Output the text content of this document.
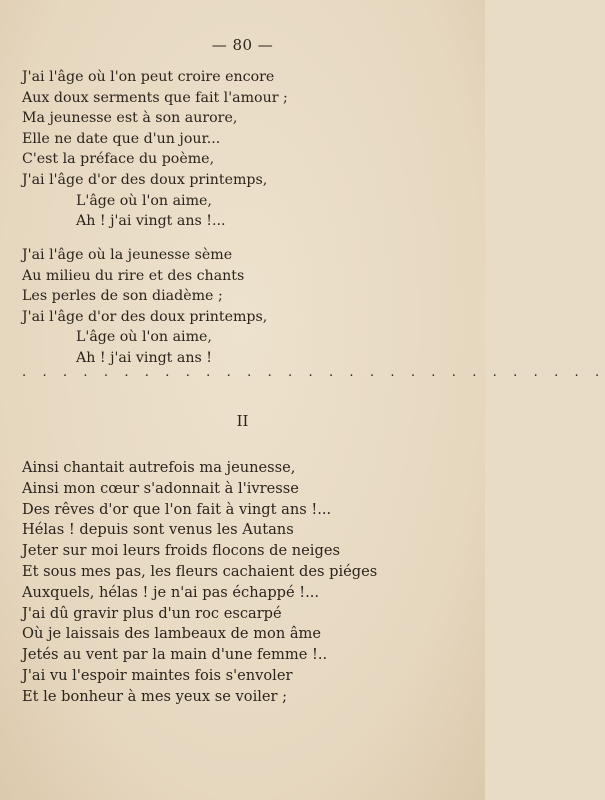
— 80 —
J'ai l'âge où l'on peut croire encore
Aux doux serments que fait l'amour ;
Ma jeunesse est à son aurore,
Elle ne date que d'un jour...
C'est la préface du poème,
J'ai l'âge d'or des doux printemps,
L'âge où l'on aime,
Ah ! j'ai vingt ans !...
J'ai l'âge où la jeunesse sème
Au milieu du rire et des chants
Les perles de son diadème ;
J'ai l'âge d'or des doux printemps,
L'âge où l'on aime,
Ah ! j'ai vingt ans !
. . . . . . . . . . . . . . . . . . . . . . . . . . . . .
II
Ainsi chantait autrefois ma jeunesse,
Ainsi mon cœur s'adonnait à l'ivresse
Des rêves d'or que l'on fait à vingt ans !...
Hélas ! depuis sont venus les Autans
Jeter sur moi leurs froids flocons de neiges
Et sous mes pas, les fleurs cachaient des piéges
Auxquels, hélas ! je n'ai pas échappé !...
J'ai dû gravir plus d'un roc escarpé
Où je laissais des lambeaux de mon âme
Jetés au vent par la main d'une femme !..
J'ai vu l'espoir maintes fois s'envoler
Et le bonheur à mes yeux se voiler ;
